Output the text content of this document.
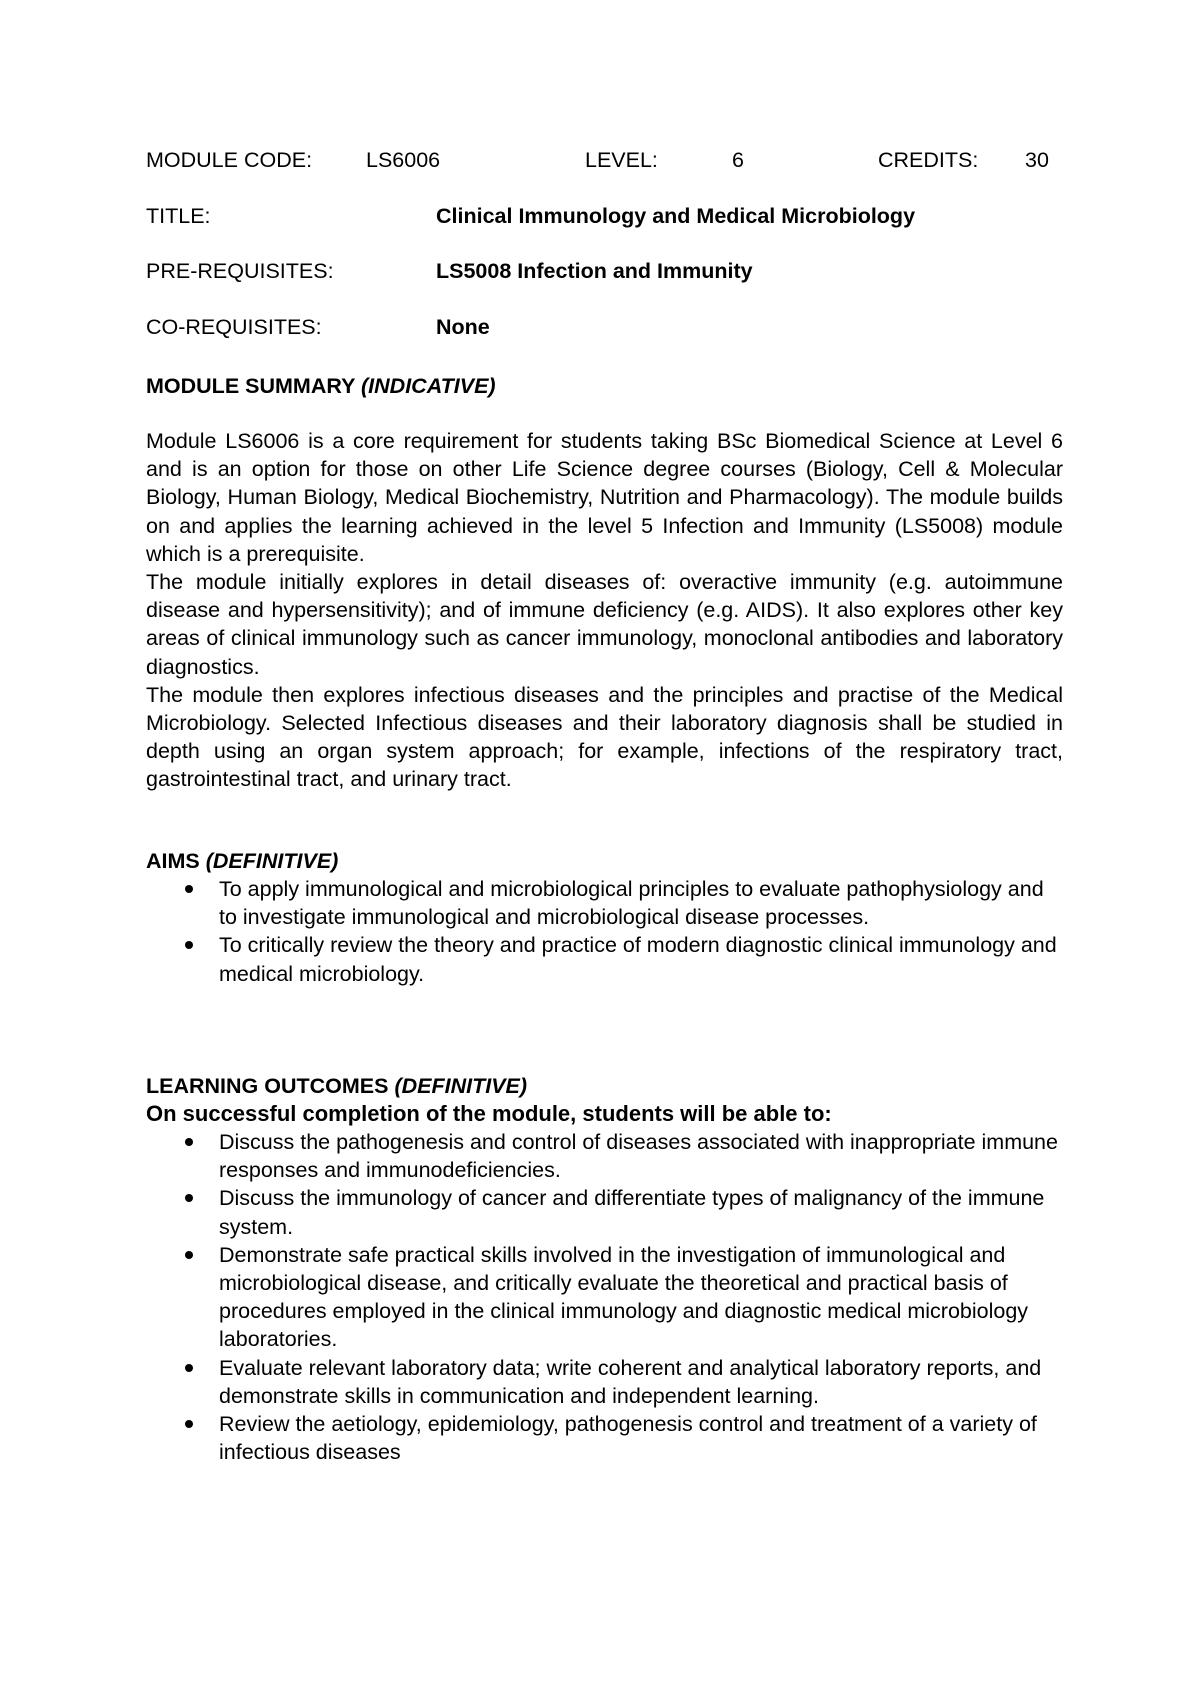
MODULE CODE:	LS6006	LEVEL:	6	CREDITS: 30
TITLE:	Clinical Immunology and Medical Microbiology
PRE-REQUISITES:	LS5008 Infection and Immunity
CO-REQUISITES:	None
MODULE SUMMARY (INDICATIVE)

Module LS6006 is a core requirement for students taking BSc Biomedical Science at Level 6 and is an option for those on other Life Science degree courses (Biology, Cell & Molecular Biology, Human Biology, Medical Biochemistry, Nutrition and Pharmacology). The module builds on and applies the learning achieved in the level 5 Infection and Immunity (LS5008) module which is a prerequisite.

The module initially explores in detail diseases of: overactive immunity (e.g. autoimmune disease and hypersensitivity); and of immune deficiency (e.g. AIDS). It also explores other key areas of clinical immunology such as cancer immunology, monoclonal antibodies and laboratory diagnostics.

The module then explores infectious diseases and the principles and practise of the Medical Microbiology. Selected Infectious diseases and their laboratory diagnosis shall be studied in depth using an organ system approach; for example, infections of the respiratory tract, gastrointestinal tract, and urinary tract.

AIMS (DEFINITIVE)
To apply immunological and microbiological principles to evaluate pathophysiology and to investigate immunological and microbiological disease processes.
To critically review the theory and practice of modern diagnostic clinical immunology and medical microbiology.
LEARNING OUTCOMES (DEFINITIVE)
On successful completion of the module, students will be able to:
Discuss the pathogenesis and control of diseases associated with inappropriate immune responses and immunodeficiencies.
Discuss the immunology of cancer and differentiate types of malignancy of the immune system.
Demonstrate safe practical skills involved in the investigation of immunological and microbiological disease, and critically evaluate the theoretical and practical basis of procedures employed in the clinical immunology and diagnostic medical microbiology laboratories.
Evaluate relevant laboratory data; write coherent and analytical laboratory reports, and demonstrate skills in communication and independent learning.
Review the aetiology, epidemiology, pathogenesis control and treatment of a variety of infectious diseases
